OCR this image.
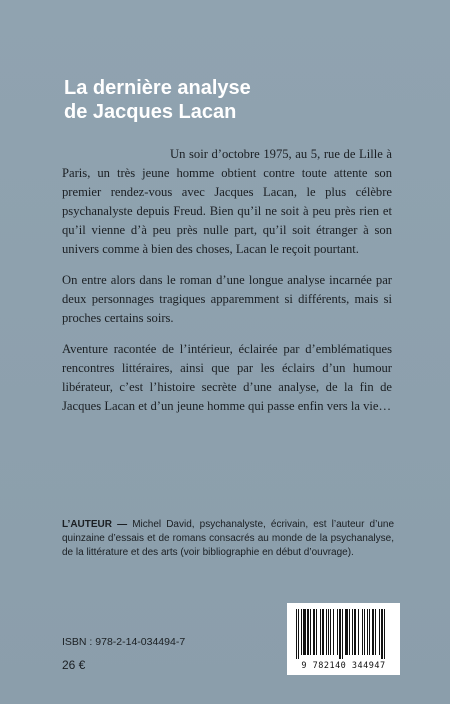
La dernière analyse
de Jacques Lacan

Un soir d’octobre 1975, au 5, rue de Lille à Paris, un très jeune homme obtient contre toute attente son premier rendez-vous avec Jacques Lacan, le plus célèbre psychanalyste depuis Freud. Bien qu’il ne soit à peu près rien et qu’il vienne d’à peu près nulle part, qu’il soit étranger à son univers comme à bien des choses, Lacan le reçoit pourtant.

On entre alors dans le roman d’une longue analyse incarnée par deux personnages tragiques apparemment si différents, mais si proches certains soirs.

Aventure racontée de l’intérieur, éclairée par d’emblématiques rencontres littéraires, ainsi que par les éclairs d’un humour libérateur, c’est l’histoire secrète d’une analyse, de la fin de Jacques Lacan et d’un jeune homme qui passe enfin vers la vie…

L’AUTEUR — Michel David, psychanalyste, écrivain, est l’auteur d’une quinzaine d’essais et de romans consacrés au monde de la psychanalyse, de la littérature et des arts (voir bibliographie en début d’ouvrage).
ISBN : 978-2-14-034494-7
26 €	9 782140 344947
